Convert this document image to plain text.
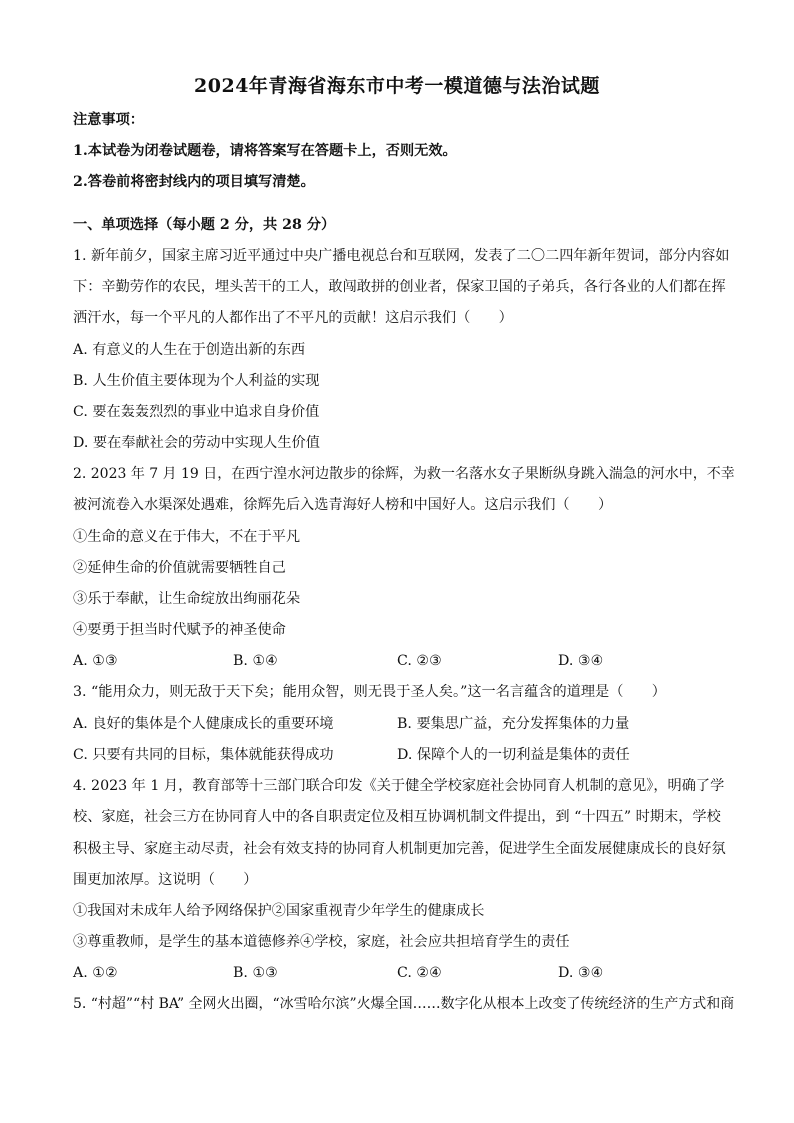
2024年青海省海东市中考一模道德与法治试题
注意事项：
1.本试卷为闭卷试题卷，请将答案写在答题卡上，否则无效。
2.答卷前将密封线内的项目填写清楚。
一、单项选择（每小题 2 分，共 28 分）
1. 新年前夕，国家主席习近平通过中央广播电视总台和互联网，发表了二〇二四年新年贺词，部分内容如
下：辛勤劳作的农民，埋头苦干的工人，敢闯敢拼的创业者，保家卫国的子弟兵，各行各业的人们都在挥
洒汗水，每一个平凡的人都作出了不平凡的贡献！这启示我们（　　）
A. 有意义的人生在于创造出新的东西
B. 人生价值主要体现为个人利益的实现
C. 要在轰轰烈烈的事业中追求自身价值
D. 要在奉献社会的劳动中实现人生价值
2. 2023 年 7 月 19 日，在西宁湟水河边散步的徐辉，为救一名落水女子果断纵身跳入湍急的河水中，不幸
被河流卷入水渠深处遇难，徐辉先后入选青海好人榜和中国好人。这启示我们（　　）
①生命的意义在于伟大，不在于平凡
②延伸生命的价值就需要牺牲自己
③乐于奉献，让生命绽放出绚丽花朵
④要勇于担当时代赋予的神圣使命
A. ①③	B. ①④	C. ②③	D. ③④
3. “能用众力，则无敌于天下矣；能用众智，则无畏于圣人矣。”这一名言蕴含的道理是（　　）
A. 良好的集体是个人健康成长的重要环境	B. 要集思广益，充分发挥集体的力量
C. 只要有共同的目标，集体就能获得成功	D. 保障个人的一切利益是集体的责任
4. 2023 年 1 月，教育部等十三部门联合印发《关于健全学校家庭社会协同育人机制的意见》，明确了学
校、家庭，社会三方在协同育人中的各自职责定位及相互协调机制文件提出，到 “十四五” 时期末，学校
积极主导、家庭主动尽责，社会有效支持的协同育人机制更加完善，促进学生全面发展健康成长的良好氛
围更加浓厚。这说明（　　）
①我国对未成年人给予网络保护②国家重视青少年学生的健康成长
③尊重教师，是学生的基本道德修养④学校，家庭，社会应共担培育学生的责任
A. ①②	B. ①③	C. ②④	D. ③④
5. “村超”“村 BA” 全网火出圈，“冰雪哈尔滨”火爆全国……数字化从根本上改变了传统经济的生产方式和商
